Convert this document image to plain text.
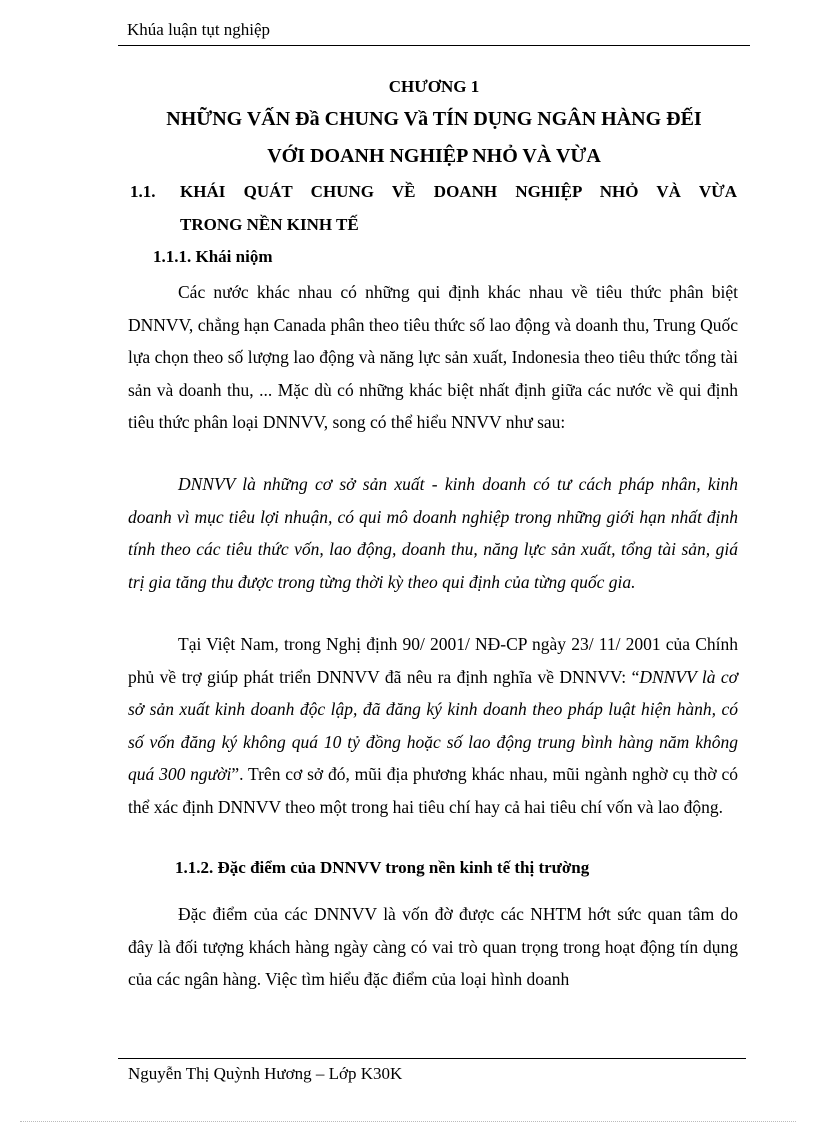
Khúa luận tụt nghiệp
CHƯƠNG 1
NHỮNG VẤN Đầ CHUNG Vầ TÍN DỤNG NGÂN HÀNG ĐẾI
VỚI DOANH NGHIỆP NHỎ VÀ VỪA
1.1. KHÁI QUÁT CHUNG VỀ DOANH NGHIỆP NHỎ VÀ VỪA
TRONG NỀN KINH TẾ
1.1.1. Khái niộm

Các nước khác nhau có những qui định khác nhau về tiêu thức phân biệt DNNVV, chẳng hạn Canada phân theo tiêu thức số lao động và doanh thu, Trung Quốc lựa chọn theo số lượng lao động và năng lực sản xuất, Indonesia theo tiêu thức tổng tài sản và doanh thu, ... Mặc dù có những khác biệt nhất định giữa các nước về qui định tiêu thức phân loại DNNVV, song có thể hiểu NNVV như sau:

DNNVV là những cơ sở sản xuất - kinh doanh có tư cách pháp nhân, kinh doanh vì mục tiêu lợi nhuận, có qui mô doanh nghiệp trong những giới hạn nhất định tính theo các tiêu thức vốn, lao động, doanh thu, năng lực sản xuất, tổng tài sản, giá trị gia tăng thu được trong từng thời kỳ theo qui định của từng quốc gia.

Tại Việt Nam, trong Nghị định 90/ 2001/ NĐ-CP ngày 23/ 11/ 2001 của Chính phủ về trợ giúp phát triển DNNVV đã nêu ra định nghĩa về DNNVV: “DNNVV là cơ sở sản xuất kinh doanh độc lập, đã đăng ký kinh doanh theo pháp luật hiện hành, có số vốn đăng ký không quá 10 tỷ đồng hoặc số lao động trung bình hàng năm không quá 300 người”. Trên cơ sở đó, mũi địa phương khác nhau, mũi ngành nghờ cụ thờ có thể xác định DNNVV theo một trong hai tiêu chí hay cả hai tiêu chí vốn và lao động.

1.1.2. Đặc điểm của DNNVV trong nền kinh tế thị trường

Đặc điểm của các DNNVV là vốn đờ được các NHTM hớt sức quan tâm do đây là đối tượng khách hàng ngày càng có vai trò quan trọng trong hoạt động tín dụng của các ngân hàng. Việc tìm hiểu đặc điểm của loại hình doanh

Nguyễn Thị Quỳnh Hương – Lớp K30K
